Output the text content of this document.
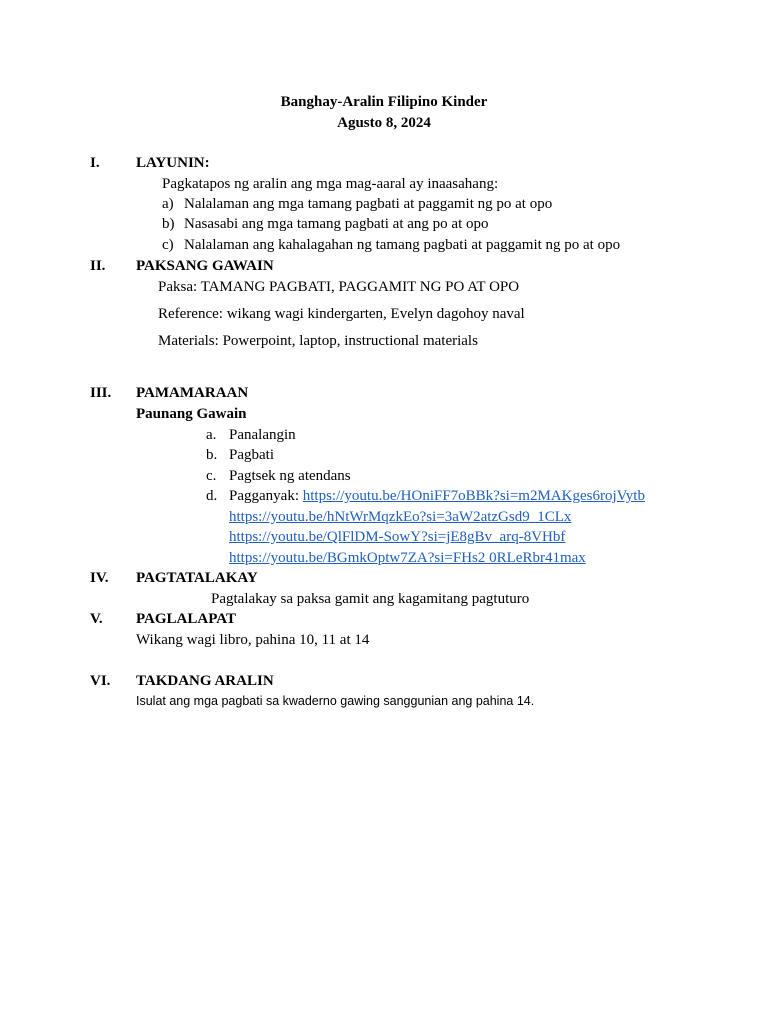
Banghay-Aralin Filipino Kinder
Agusto 8, 2024
I. LAYUNIN:
Pagkatapos ng aralin ang mga mag-aaral ay inaasahang:
a) Nalalaman ang mga tamang pagbati at paggamit ng po at opo
b) Nasasabi ang mga tamang pagbati at ang po at opo
c) Nalalaman ang kahalagahan ng tamang pagbati at paggamit ng po at opo
II. PAKSANG GAWAIN
Paksa: TAMANG PAGBATI, PAGGAMIT NG PO AT OPO
Reference: wikang wagi kindergarten, Evelyn dagohoy naval
Materials: Powerpoint, laptop, instructional materials
III. PAMAMARAAN
Paunang Gawain
a. Panalangin
b. Pagbati
c. Pagtsek ng atendans
d. Pagganyak: https://youtu.be/HOniFF7oBBk?si=m2MAKges6rojVytb
https://youtu.be/hNtWrMqzkEo?si=3aW2atzGsd9_1CLx
https://youtu.be/QlFlDM-SowY?si=jE8gBv_arq-8VHbf
https://youtu.be/BGmkOptw7ZA?si=FHs2 0RLeRbr41max
IV. PAGTATALAKAY
Pagtalakay sa paksa gamit ang kagamitang pagtuturo
V. PAGLALAPAT
Wikang wagi libro, pahina 10, 11 at 14
VI. TAKDANG ARALIN
Isulat ang mga pagbati sa kwaderno gawing sanggunian ang pahina 14.
